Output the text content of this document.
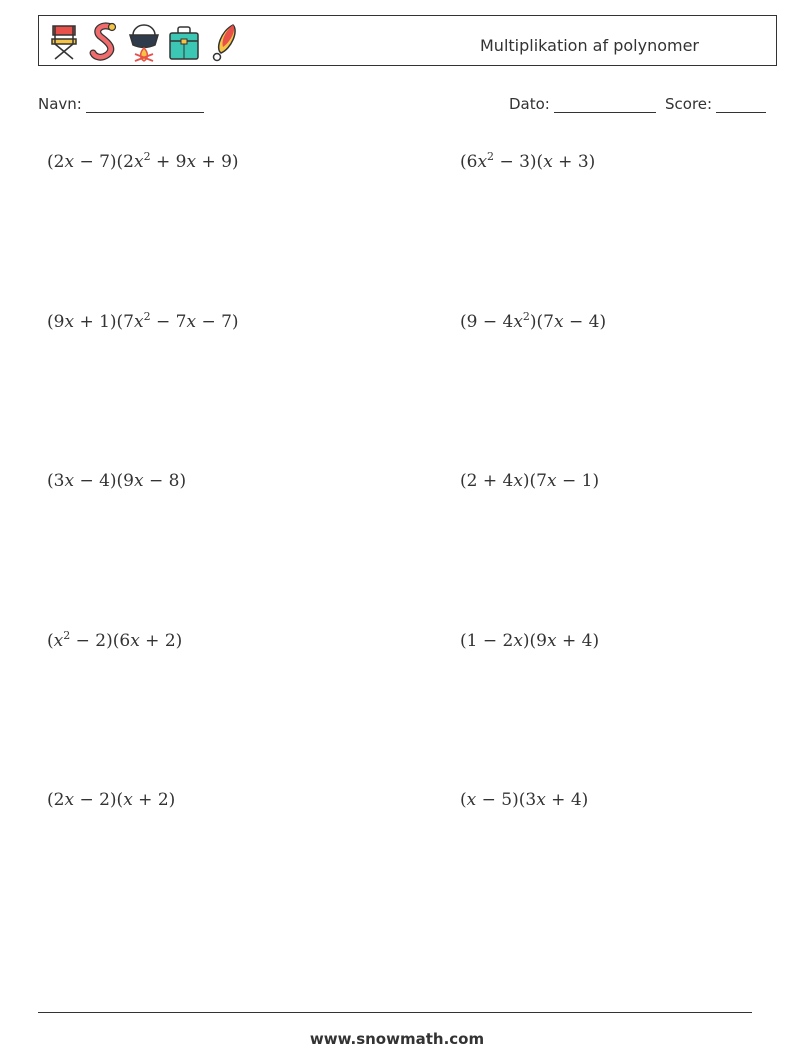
Multiplikation af polynomer
Navn:	Dato:	Score:
$(2x - 7)(2x^2 + 9x + 9)$	$(6x^2 - 3)(x + 3)$
$(9x + 1)(7x^2 - 7x - 7)$	$(9 - 4x^2)(7x - 4)$
(3x − 4)(9x − 8)	(2 + 4x)(7x − 1)
$(x^2 - 2)(6x + 2)$	(1 − 2x)(9x + 4)
(2x − 2)(x + 2)	(x − 5)(3x + 4)
www.snowmath.com
